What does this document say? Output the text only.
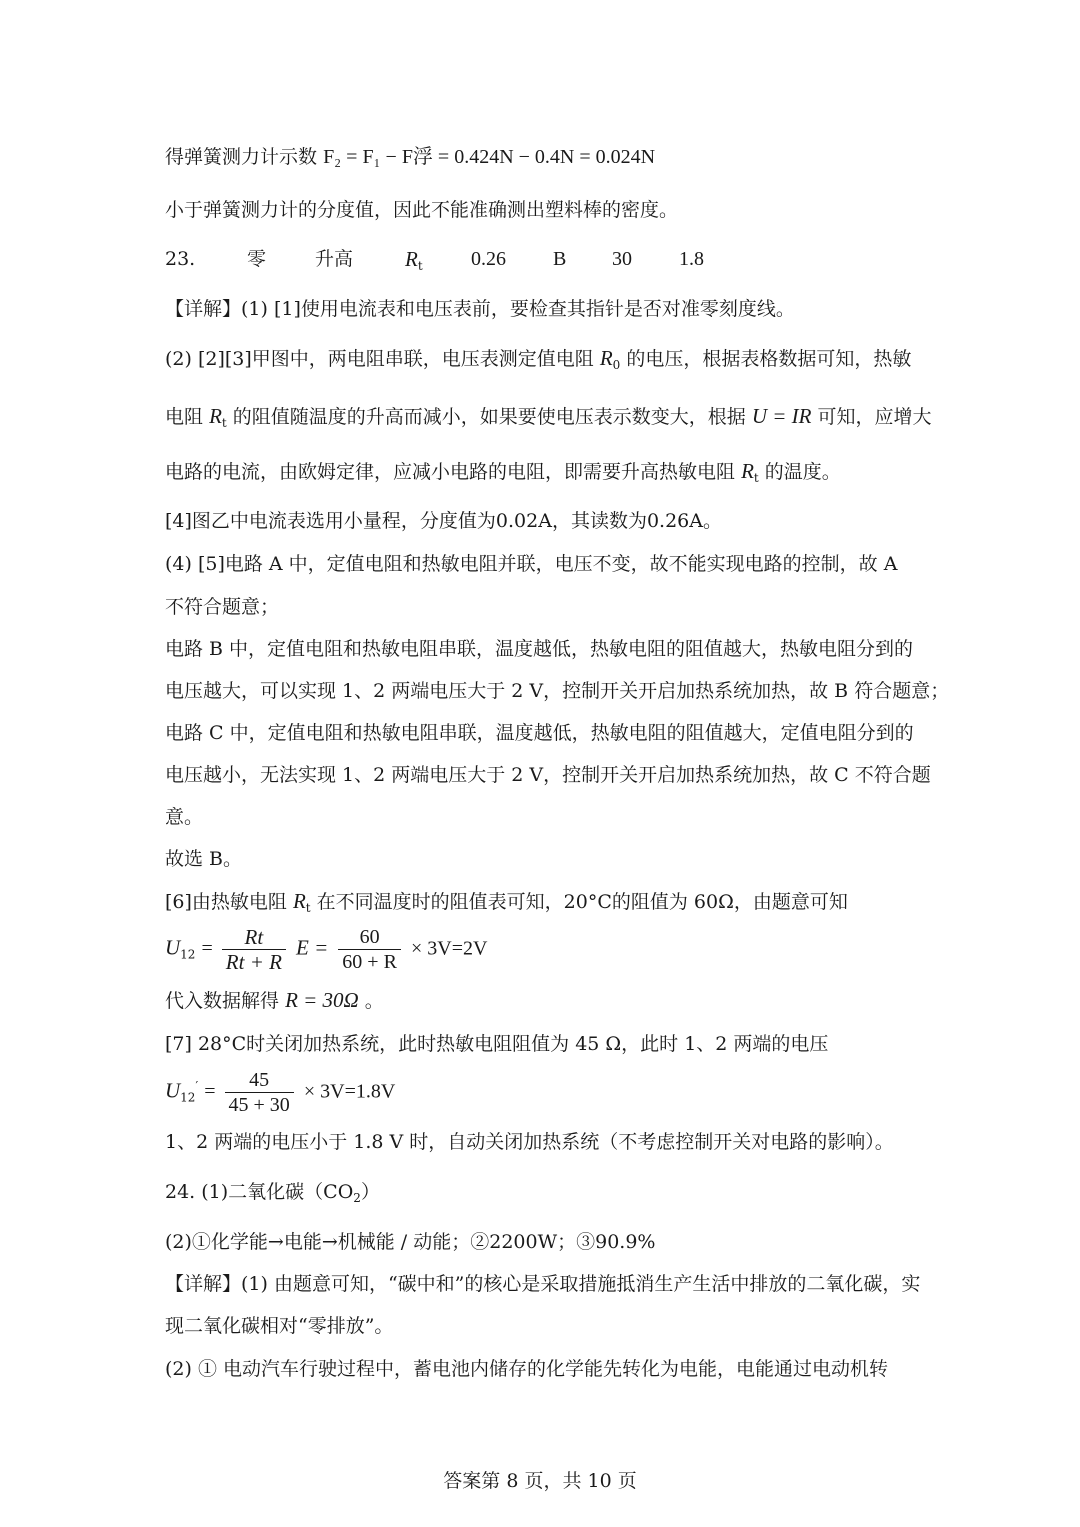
得弹簧测力计示数 F₂ = F₁ − F浮 = 0.424N − 0.4N = 0.024N
小于弹簧测力计的分度值，因此不能准确测出塑料棒的密度。
23.	零	升高 $R_t$ 0.26 B 30 1.8
【详解】(1) [1]使用电流表和电压表前，要检查其指针是否对准零刻度线。
(2) [2][3]甲图中，两电阻串联，电压表测定值电阻 $R_0$ 的电压，根据表格数据可知，热敏
电阻 $R_t$ 的阻值随温度的升高而减小，如果要使电压表示数变大，根据 U = IR 可知，应增大
电路的电流，由欧姆定律，应减小电路的电阻，即需要升高热敏电阻 $R_t$ 的温度。
[4]图乙中电流表选用小量程，分度值为0.02A，其读数为0.26A。
(4) [5]电路 A 中，定值电阻和热敏电阻并联，电压不变，故不能实现电路的控制，故 A
不符合题意；
电路 B 中，定值电阻和热敏电阻串联，温度越低，热敏电阻的阻值越大，热敏电阻分到的
电压越大，可以实现 1、2 两端电压大于 2 V，控制开关开启加热系统加热，故 B 符合题意；
电路 C 中，定值电阻和热敏电阻串联，温度越低，热敏电阻的阻值越大，定值电阻分到的
电压越小，无法实现 1、2 两端电压大于 2 V，控制开关开启加热系统加热，故 C 不符合题
意。
故选 B。
[6]由热敏电阻 $R_t$ 在不同温度时的阻值表可知，20°C的阻值为 60Ω，由题意可知
$U_{12} = \frac{Rt}{Rt + R}$ $E = \frac{60}{60 + R} \times 3V=2V$
代入数据解得 R = 30Ω 。
[7] 28°C时关闭加热系统，此时热敏电阻阻值为 45 Ω，此时 1、2 两端的电压
$U_{12}' = \frac{45}{45 + 30} \times 3V=1.8V$
1、2 两端的电压小于 1.8 V 时，自动关闭加热系统（不考虑控制开关对电路的影响）。
24. (1)二氧化碳$(CO_2)$
(2)①化学能→电能→机械能 / 动能；②2200W；③90.9%
【详解】(1) 由题意可知，“碳中和”的核心是采取措施抵消生产生活中排放的二氧化碳，实
现二氧化碳相对“零排放”。
(2) ① 电动汽车行驶过程中，蓄电池内储存的化学能先转化为电能，电能通过电动机转
答案第 8 页，共 10 页
